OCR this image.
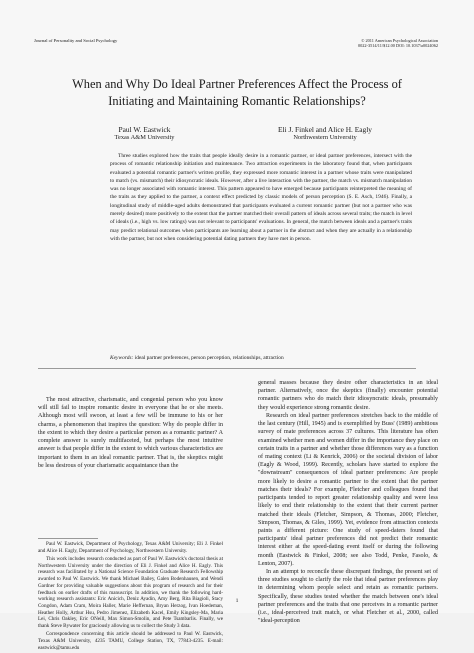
Journal of Personality and Social Psychology	© 2011 American Psychological Association
0022-3514/11/$12.00 DOI: 10.1037/a0024062
When and Why Do Ideal Partner Preferences Affect the Process of
Initiating and Maintaining Romantic Relationships?
Paul W. Eastwick
Texas A&M University
Eli J. Finkel and Alice H. Eagly
Northwestern University

Three studies explored how the traits that people ideally desire in a romantic partner, or ideal partner preferences, intersect with the process of romantic relationship initiation and maintenance. Two attraction experiments in the laboratory found that, when participants evaluated a potential romantic partner's written profile, they expressed more romantic interest in a partner whose traits were manipulated to match (vs. mismatch) their idiosyncratic ideals. However, after a live interaction with the partner, the match vs. mismatch manipulation was no longer associated with romantic interest. This pattern appeared to have emerged because participants reinterpreted the meaning of the traits as they applied to the partner, a context effect predicted by classic models of person perception (S. E. Asch, 1946). Finally, a longitudinal study of middle-aged adults demonstrated that participants evaluated a current romantic partner (but not a partner who was merely desired) more positively to the extent that the partner matched their overall pattern of ideals across several traits; the match in level of ideals (i.e., high vs. low ratings) was not relevant to participants' evaluations. In general, the match between ideals and a partner's traits may predict relational outcomes when participants are learning about a partner in the abstract and when they are actually in a relationship with the partner, but not when considering potential dating partners they have met in person.

Keywords: ideal partner preferences, person perception, relationships, attraction

The most attractive, charismatic, and congenial person who you know will still fail to inspire romantic desire in everyone that he or she meets. Although most will swoon, at least a few will be immune to his or her charms, a phenomenon that inspires the question: Why do people differ in the extent to which they desire a particular person as a romantic partner? A complete answer is surely multifaceted, but perhaps the most intuitive answer is that people differ in the extent to which various characteristics are important to them in an ideal romantic partner. That is, the skeptics might be less desirous of your charismatic acquaintance than the

general masses because they desire other characteristics in an ideal partner. Alternatively, once the skeptics (finally) encounter potential romantic partners who do match their idiosyncratic ideals, presumably they would experience strong romantic desire.

Research on ideal partner preferences stretches back to the middle of the last century (Hill, 1945) and is exemplified by Buss' (1989) ambitious survey of mate preferences across 37 cultures. This literature has often examined whether men and women differ in the importance they place on certain traits in a partner and whether those differences vary as a function of mating context (Li & Kenrick, 2006) or the societal division of labor (Eagly & Wood, 1999). Recently, scholars have started to explore the "downstream" consequences of ideal partner preferences: Are people more likely to desire a romantic partner to the extent that the partner matches their ideals? For example, Fletcher and colleagues found that participants tended to report greater relationship quality and were less likely to end their relationship to the extent that their current partner matched their ideals (Fletcher, Simpson, & Thomas, 2000; Fletcher, Simpson, Thomas, & Giles, 1999). Yet, evidence from attraction contexts paints a different picture: One study of speed-daters found that participants' ideal partner preferences did not predict their romantic interest either at the speed-dating event itself or during the following month (Eastwick & Finkel, 2008; see also Todd, Penke, Fasolo, & Lenton, 2007).

In an attempt to reconcile these discrepant findings, the present set of three studies sought to clarify the role that ideal partner preferences play in determining whom people select and retain as romantic partners. Specifically, these studies tested whether the match between one's ideal partner preferences and the traits that one perceives in a romantic partner (i.e., ideal-perceived trait match, or what Fletcher et al., 2000, called "ideal-perception

Paul W. Eastwick, Department of Psychology, Texas A&M University; Eli J. Finkel and Alice H. Eagly, Department of Psychology, Northwestern University.

This work includes research conducted as part of Paul W. Eastwick's doctoral thesis at Northwestern University under the direction of Eli J. Finkel and Alice H. Eagly. This research was facilitated by a National Science Foundation Graduate Research Fellowship awarded to Paul W. Eastwick. We thank Michael Bailey, Galen Bodenhausen, and Wendi Gardner for providing valuable suggestions about this program of research and for their feedback on earlier drafts of this manuscript. In addition, we thank the following hard-working research assistants: Eric Anicich, Deniz Ayadin, Amy Berg, Rita Biagioli, Stacy Congdon, Adam Cram, Moira Haller, Marie Heffernan, Bryan Herzog, Ivan Hoedeman, Heather Holly, Arthur Hsu, Pedro Jimenez, Elizabeth Kacel, Emily Kingsley-Ma, Maria Lei, Chris Oakley, Eric ONeill, Max Simon-Smolin, and Pete Tsambarlis. Finally, we thank Steve Bywater for graciously allowing us to collect the Study 3 data.

Correspondence concerning this article should be addressed to Paul W. Eastwick, Texas A&M University, 4235 TAMU, College Station, TX, 77843-4235. E-mail: eastwick@tamu.edu

1
